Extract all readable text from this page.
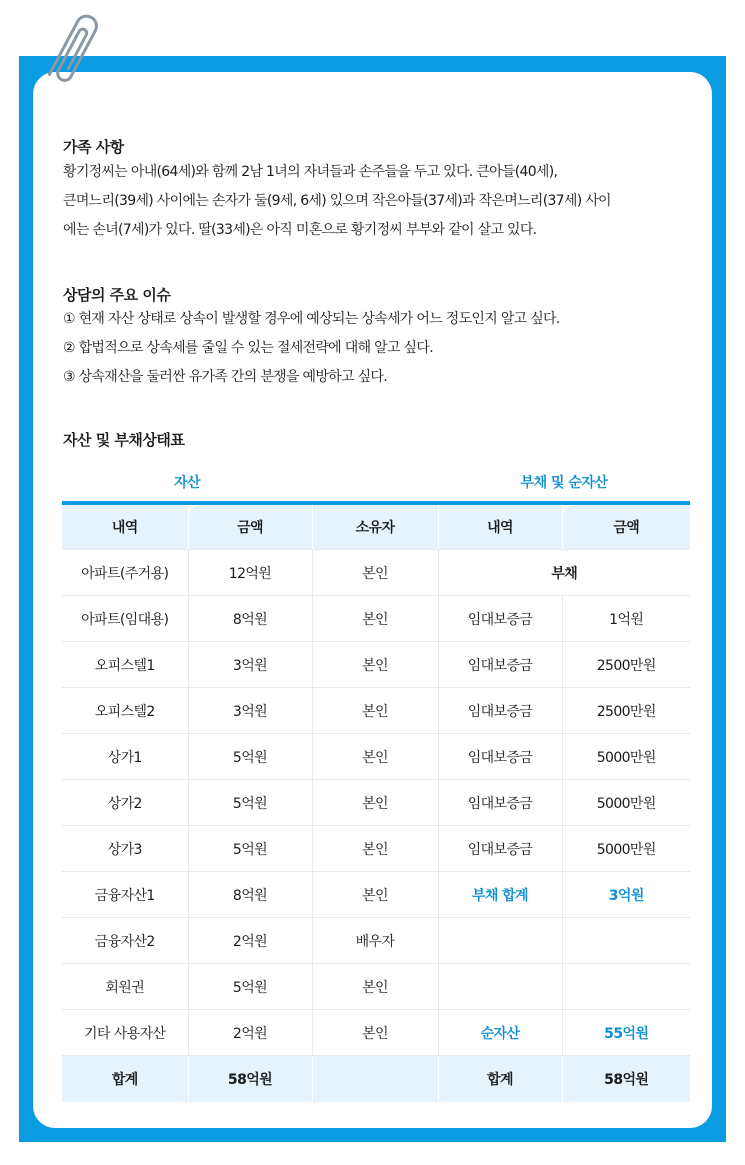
가족 사항

황기정씨는 아내(64세)와 함께 2남 1녀의 자녀들과 손주들을 두고 있다. 큰아들(40세),

큰며느리(39세) 사이에는 손자가 둘(9세, 6세) 있으며 작은아들(37세)과 작은며느리(37세) 사이

에는 손녀(7세)가 있다. 딸(33세)은 아직 미혼으로 황기정씨 부부와 같이 살고 있다.

상담의 주요 이슈

① 현재 자산 상태로 상속이 발생할 경우에 예상되는 상속세가 어느 정도인지 알고 싶다.

② 합법적으로 상속세를 줄일 수 있는 절세전략에 대해 알고 싶다.

③ 상속재산을 둘러싼 유가족 간의 분쟁을 예방하고 싶다.

자산 및 부채상태표
자산	부채 및 순자산
내역	금액	소유자	내역	금액
아파트(주거용)	12억원	본인	부채	
아파트(임대용)	8억원	본인	임대보증금	1억원
오피스텔1	3억원	본인	임대보증금	2500만원
오피스텔2	3억원	본인	임대보증금	2500만원
상가1	5억원	본인	임대보증금	5000만원
상가2	5억원	본인	임대보증금	5000만원
상가3	5억원	본인	임대보증금	5000만원
금융자산1	8억원	본인	부채 합계	3억원
금융자산2	2억원	배우자		
회원권	5억원	본인		
기타 사용자산	2억원	본인	순자산	55억원
합계	58억원		합계	58억원
